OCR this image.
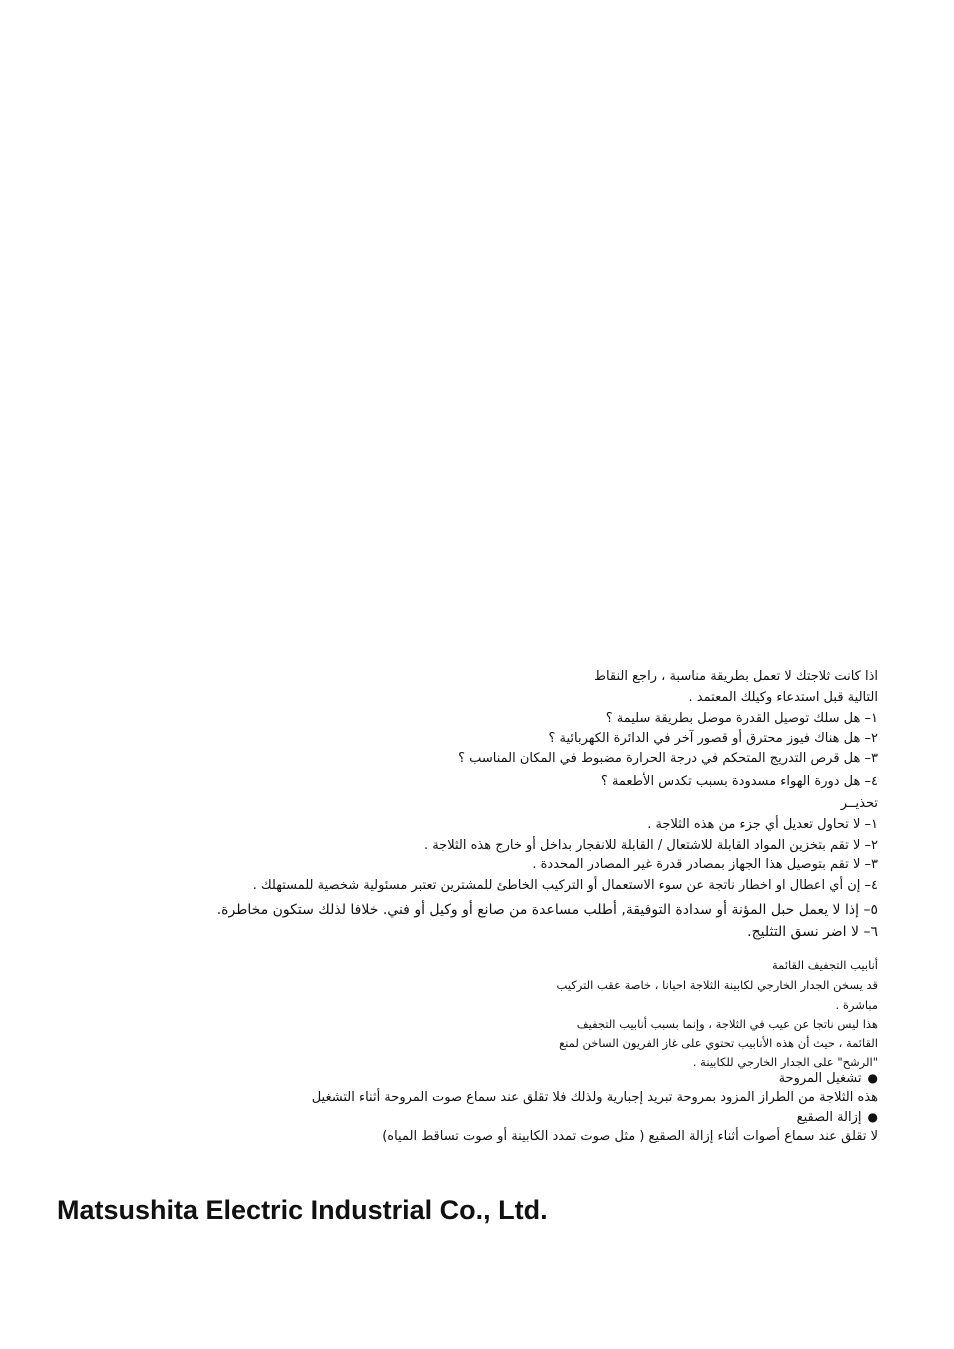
اذا كانت ثلاجتك لا تعمل بطريقة مناسبة ، راجع النقاط
التالية قبل استدعاء وكيلك المعتمد .
١– هل سلك توصيل القدرة موصل بطريقة سليمة ؟
٢– هل هناك فيوز محترق أو قصور آخر في الدائرة الكهربائية ؟
٣– هل قرص التدريج المتحكم في درجة الحرارة مضبوط في المكان المناسب ؟
٤– هل دورة الهواء مسدودة بسبب تكدس الأطعمة ؟
تحذيــر
١– لا تحاول تعديل أي جزء من هذه الثلاجة .
٢– لا تقم بتخزين المواد القابلة للاشتعال / القابلة للانفجار بداخل أو خارج هذه الثلاجة .
٣– لا تقم بتوصيل هذا الجهاز بمصادر قدرة غير المصادر المحددة .
٤– إن أي اعطال او اخطار ناتجة عن سوء الاستعمال أو التركيب الخاطئ للمشترين تعتبر مسئولية شخصية للمستهلك .
٥– إذا لا يعمل حبل المؤنة أو سدادة التوفيقة, أطلب مساعدة من صانع أو وكيل أو فني. خلافا لذلك ستكون مخاطرة.
٦– لا اضر نسق التثليج.
أنابيب التجفيف القائمة
قد يسخن الجدار الخارجي لكابينة الثلاجة احيانا ، خاصة عقب التركيب
مباشرة .
هذا ليس ناتجا عن عيب في الثلاجة ، وإنما بسبب أنابيب التجفيف
القائمة ، حيث أن هذه الأنابيب تحتوي على غاز الفريون الساخن لمنع
"الرشح" على الجدار الخارجي للكابينة .
● تشغيل المروحة
هذه الثلاجة من الطراز المزود بمروحة تبريد إجبارية ولذلك فلا تقلق عند سماع صوت المروحة أثناء التشغيل
● إزالة الصقيع
لا تقلق عند سماع أصوات أثناء إزالة الصقيع ( مثل صوت تمدد الكابينة أو صوت تساقط المياه)
Matsushita Electric Industrial Co., Ltd.
